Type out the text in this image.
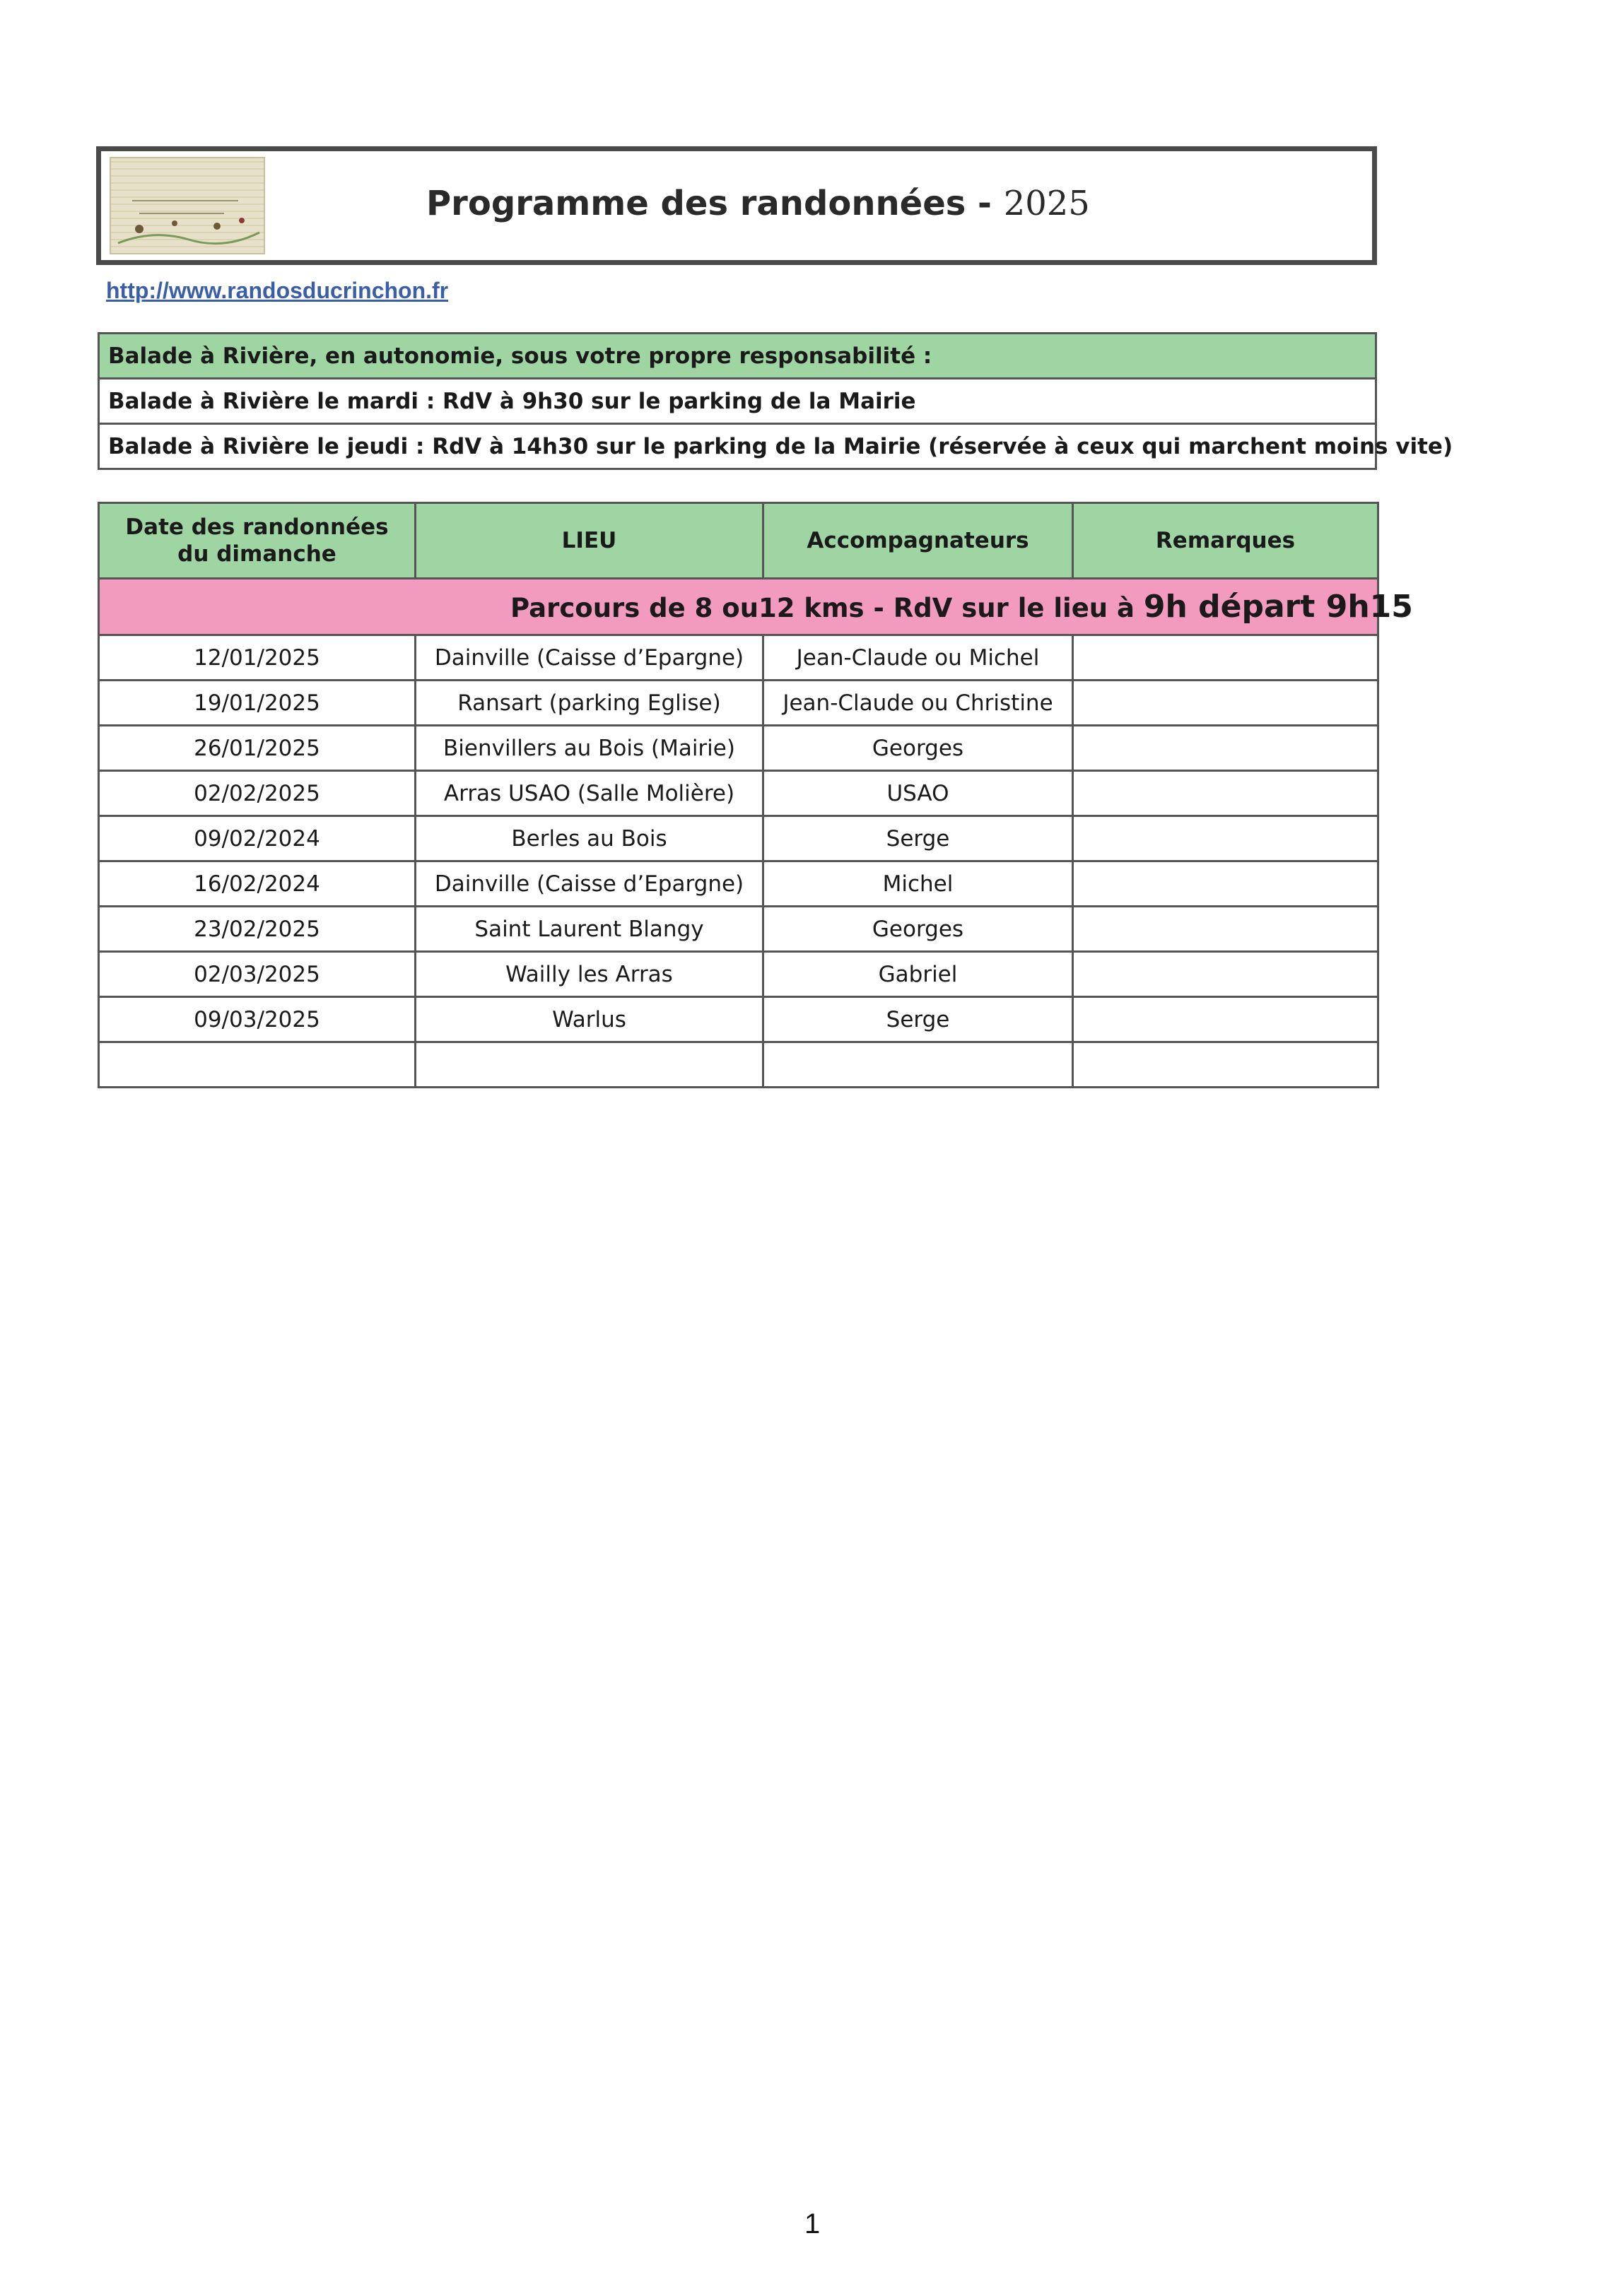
Programme des randonnées - 2025
http://www.randosducrinchon.fr
Balade à Rivière, en autonomie, sous votre propre responsabilité :
Balade à Rivière le mardi : RdV à 9h30 sur le parking de la Mairie
Balade à Rivière le jeudi : RdV à 14h30 sur le parking de la Mairie (réservée à ceux qui marchent moins vite)
Date des randonnées du dimanche	LIEU	Accompagnateurs	Remarques

Parcours de 8 ou12 kms - RdV sur le lieu à 9h départ 9h15			

12/01/2025	Dainville (Caisse d’Epargne)	Jean-Claude ou Michel	
19/01/2025	Ransart (parking Eglise)	Jean-Claude ou Christine	
26/01/2025	Bienvillers au Bois (Mairie)	Georges	
02/02/2025	Arras USAO (Salle Molière)	USAO	
09/02/2024	Berles au Bois	Serge	
16/02/2024	Dainville (Caisse d’Epargne)	Michel	
23/02/2025	Saint Laurent Blangy	Georges	
02/03/2025	Wailly les Arras	Gabriel	
09/03/2025	Warlus	Serge	

1
